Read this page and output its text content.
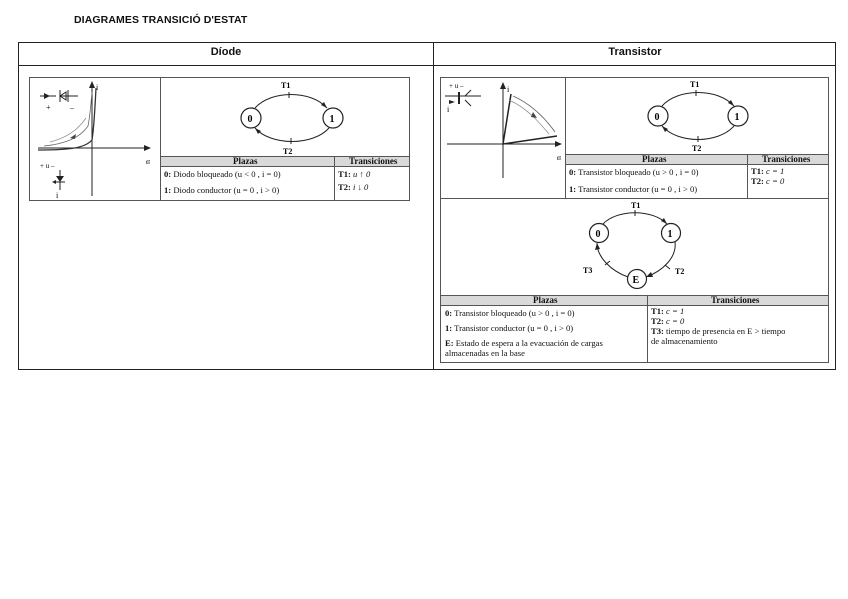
DIAGRAMES TRANSICIÓ D'ESTAT
Díode	Transistor
i
u
+ –
+ u –
i
T1
0	1
T2
Plazas	Transiciones
0: Diodo bloqueado (u < 0 , i = 0)
1: Diodo conductor (u = 0 , i > 0)
T1: u ↑ 0
T2: i ↓ 0
i
u
+ u –
i
T1
0	1
T2
Plazas	Transiciones
0: Transistor bloqueado (u > 0 , i = 0)
1: Transistor conductor (u = 0 , i > 0)
T1: c = 1
T2: c = 0
T1
0	1
E
T2
T3
Plazas	Transiciones
0: Transistor bloqueado (u > 0 , i = 0)
1: Transistor conductor (u = 0 , i > 0)
E: Estado de espera a la evacuación de cargas
almacenadas en la base
T1: c = 1
T2: c = 0
T3: tiempo de presencia en E > tiempo
de almacenamiento
